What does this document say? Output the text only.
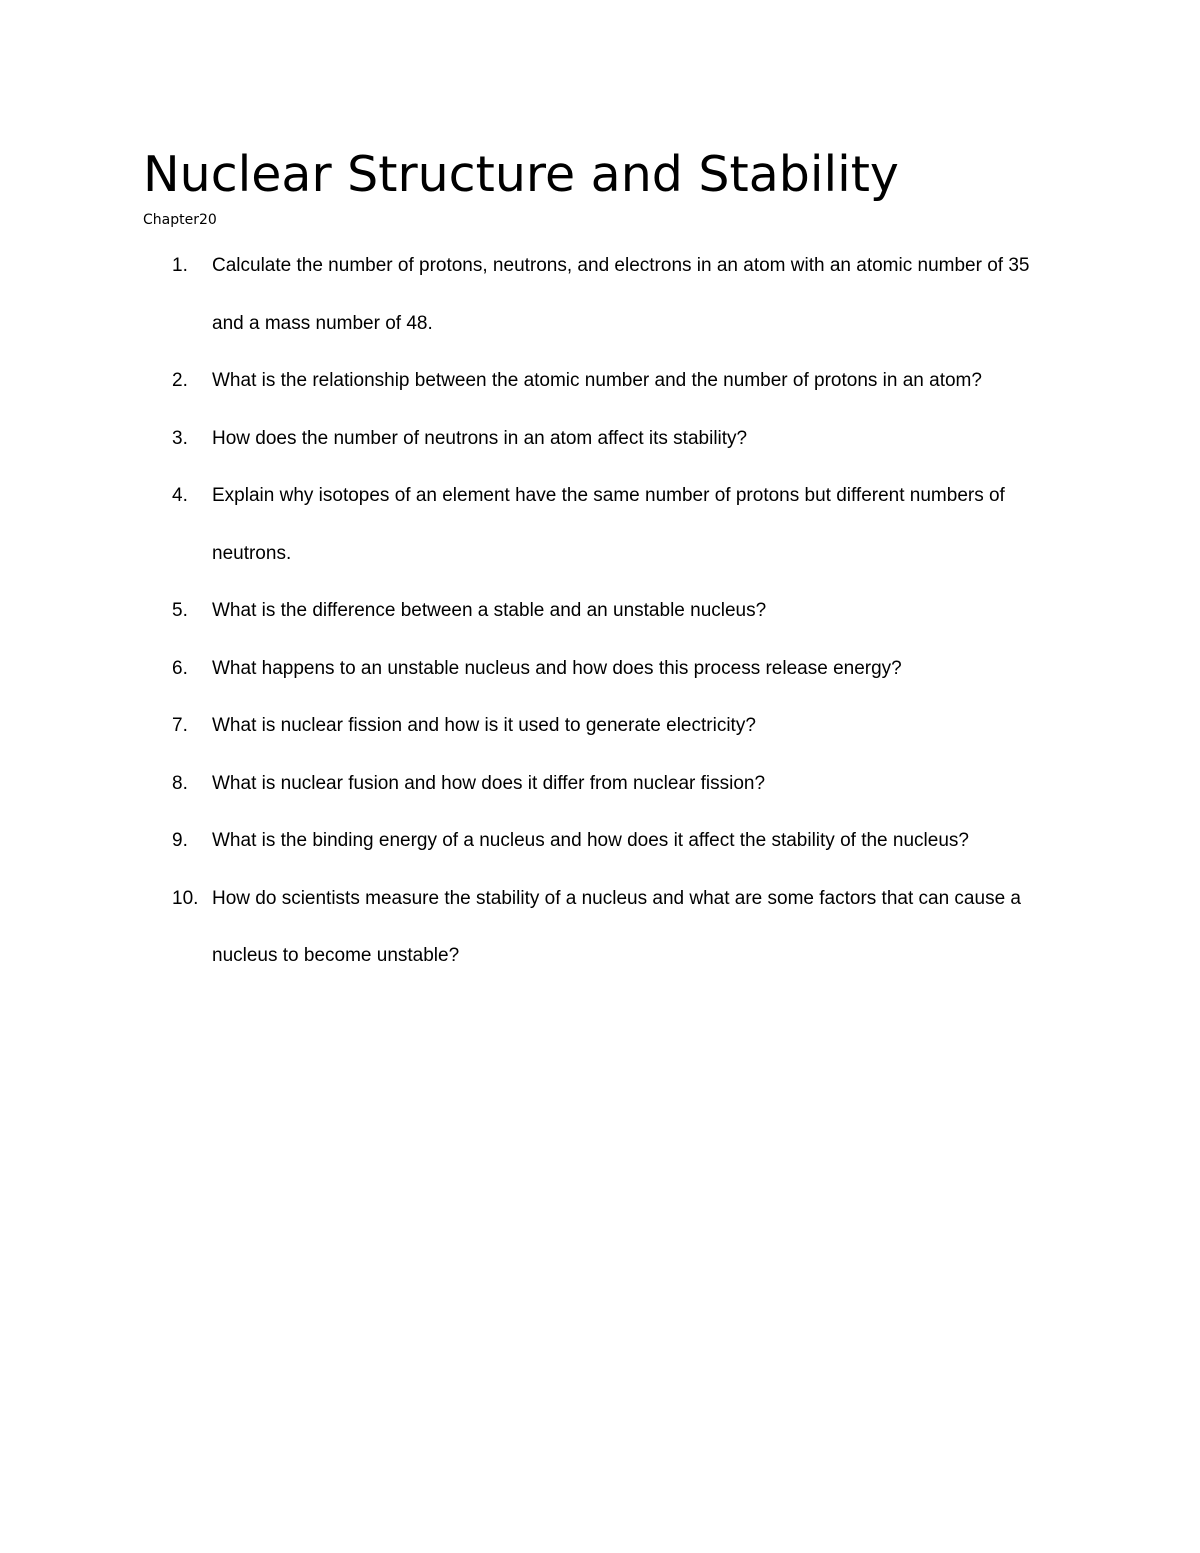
Nuclear Structure and Stability

Chapter20

1.	Calculate the number of protons, neutrons, and electrons in an atom with an atomic number of 35 and a mass number of 48.
2.	What is the relationship between the atomic number and the number of protons in an atom?
3.	How does the number of neutrons in an atom affect its stability?
4.	Explain why isotopes of an element have the same number of protons but different numbers of neutrons.
5.	What is the difference between a stable and an unstable nucleus?
6.	What happens to an unstable nucleus and how does this process release energy?
7.	What is nuclear fission and how is it used to generate electricity?
8.	What is nuclear fusion and how does it differ from nuclear fission?
9.	What is the binding energy of a nucleus and how does it affect the stability of the nucleus?
10. How do scientists measure the stability of a nucleus and what are some factors that can cause a nucleus to become unstable?
